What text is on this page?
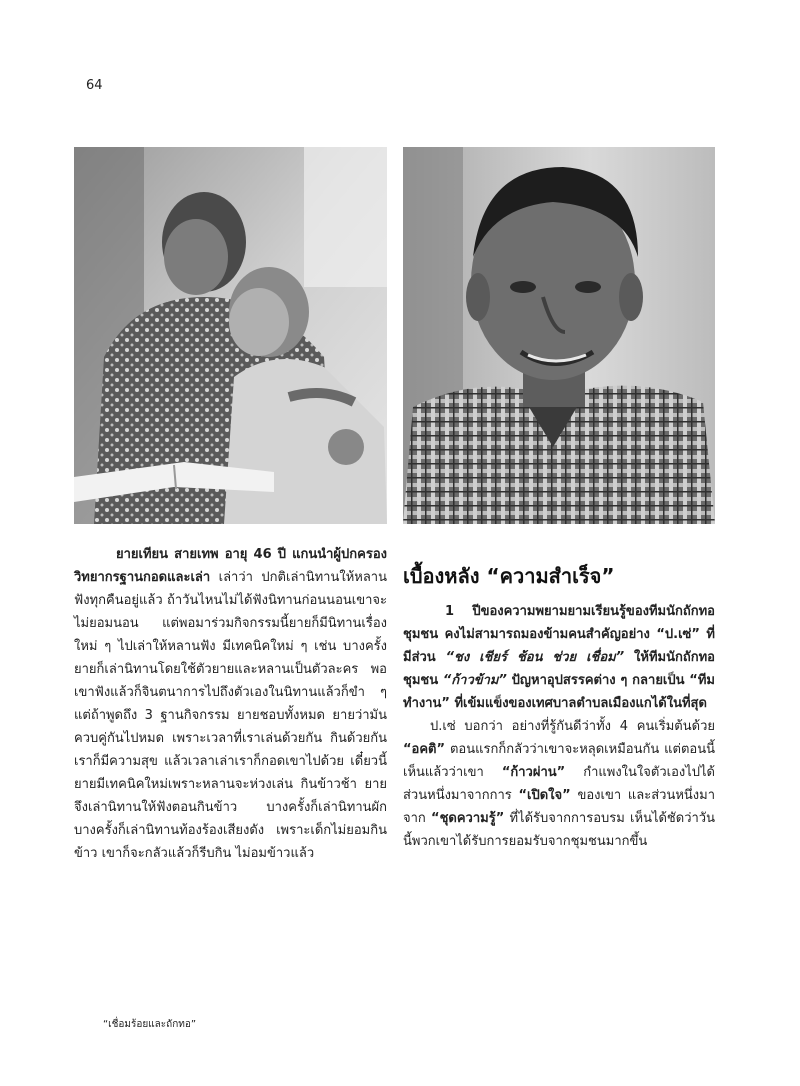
64

ยายเทียน สายเทพ อายุ 46 ปี แกนนำผู้ปกครอง วิทยากรฐานกอดและเล่า เล่าว่า ปกติเล่านิทานให้หลานฟังทุกคืนอยู่แล้ว ถ้าวันไหนไม่ได้ฟังนิทานก่อนนอนเขาจะไม่ยอมนอน แต่พอมาร่วมกิจกรรมนี้ยายก็มีนิทานเรื่องใหม่ ๆ ไปเล่าให้หลานฟัง มีเทคนิคใหม่ ๆ เช่น บางครั้งยายก็เล่านิทานโดยใช้ตัวยายและหลานเป็นตัวละคร พอเขาฟังแล้วก็จินตนาการไปถึงตัวเองในนิทานแล้วก็ขำ ๆ แต่ถ้าพูดถึง 3 ฐานกิจกรรม ยายชอบทั้งหมด ยายว่ามันควบคู่กันไปหมด เพราะเวลาที่เราเล่นด้วยกัน กินด้วยกัน เราก็มีความสุข แล้วเวลาเล่าเราก็กอดเขาไปด้วย เดี๋ยวนี้ยายมีเทคนิคใหม่เพราะหลานจะห่วงเล่น กินข้าวช้า ยายจึงเล่านิทานให้ฟังตอนกินข้าว บางครั้งก็เล่านิทานผัก บางครั้งก็เล่านิทานท้องร้องเสียงดัง เพราะเด็กไม่ยอมกินข้าว เขาก็จะกลัวแล้วก็รีบกิน ไม่อมข้าวแล้ว

เบื้องหลัง “ความสำเร็จ”

1 ปีของความพยามยามเรียนรู้ของทีมนักถักทอชุมชน คงไม่สามารถมองข้ามคนสำคัญอย่าง “ป.เซ่” ที่มีส่วน “ชง เชียร์ ช้อน ช่วย เชื่อม” ให้ทีมนักถักทอชุมชน “ก้าวข้าม” ปัญหาอุปสรรคต่าง ๆ กลายเป็น “ทีมทำงาน” ที่เข้มแข็งของเทศบาลตำบลเมืองแกได้ในที่สุด

ป.เซ่ บอกว่า อย่างที่รู้กันดีว่าทั้ง 4 คนเริ่มต้นด้วย “อคติ” ตอนแรกก็กลัวว่าเขาจะหลุดเหมือนกัน แต่ตอนนี้เห็นแล้วว่าเขา “ก้าวผ่าน” กำแพงในใจตัวเองไปได้ ส่วนหนึ่งมาจากการ “เปิดใจ” ของเขา และส่วนหนึ่งมาจาก “ชุดความรู้” ที่ได้รับจากการอบรม เห็นได้ชัดว่าวันนี้พวกเขาได้รับการยอมรับจากชุมชนมากขึ้น

“เชื่อมร้อยและถักทอ”
